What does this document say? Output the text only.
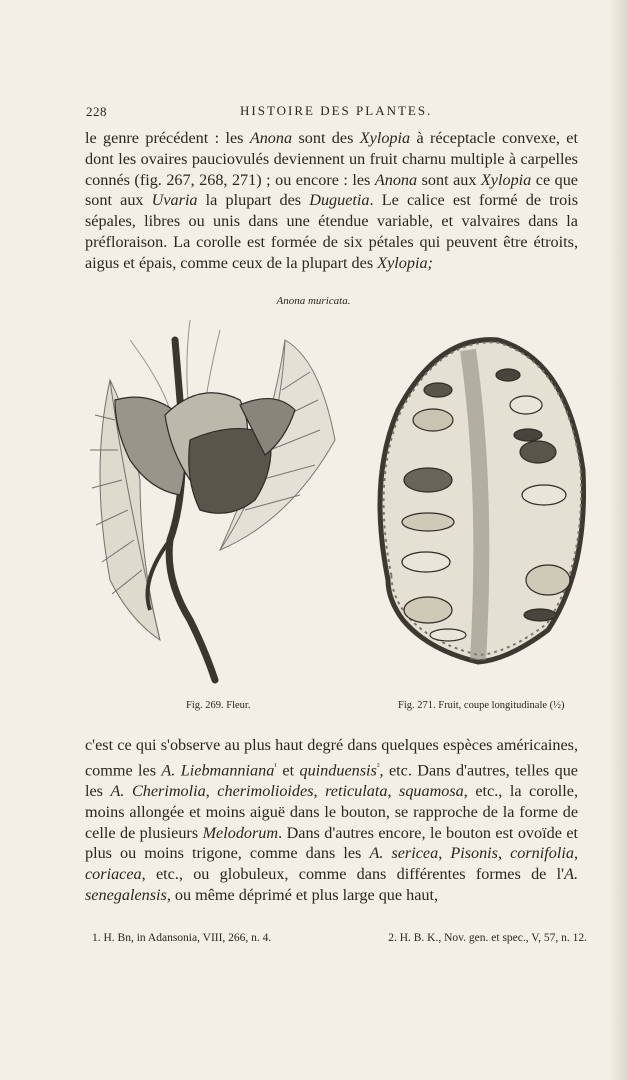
228	HISTOIRE DES PLANTES.

le genre précédent : les Anona sont des Xylopia à réceptacle convexe, et dont les ovaires pauciovulés deviennent un fruit charnu multiple à carpelles connés (fig. 267, 268, 271) ; ou encore : les Anona sont aux Xylopia ce que sont aux Uvaria la plupart des Duguetia. Le calice est formé de trois sépales, libres ou unis dans une étendue variable, et valvaires dans la préfloraison. La corolle est formée de six pétales qui peuvent être étroits, aigus et épais, comme ceux de la plupart des Xylopia;

Anona muricata.
Fig. 269. Fleur.	Fig. 271. Fruit, coupe longitudinale (½)

c'est ce qui s'observe au plus haut degré dans quelques espèces américaines, comme les A. Liebmanniana$^{^1}$ et quinduensis$^{^2}$, etc. Dans d'autres, telles que les A. Cherimolia, cherimolioides, reticulata, squamosa, etc., la corolle, moins allongée et moins aiguë dans le bouton, se rapproche de la forme de celle de plusieurs Melodorum. Dans d'autres encore, le bouton est ovoïde et plus ou moins trigone, comme dans les A. sericea, Pisonis, cornifolia, coriacea, etc., ou globuleux, comme dans différentes formes de l'A. senegalensis, ou même déprimé et plus large que haut,

1. H. Bn, in Adansonia, VIII, 266, n. 4.	2. H. B. K., Nov. gen. et spec., V, 57, n. 12.
